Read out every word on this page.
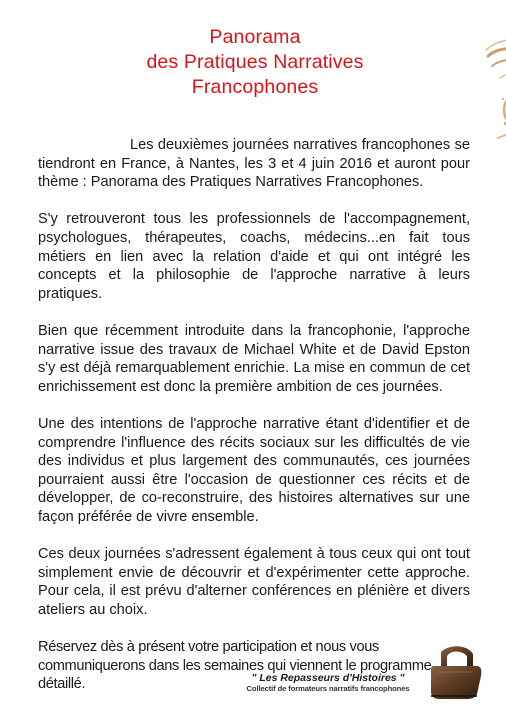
Panorama
des Pratiques Narratives
Francophones

Les deuxièmes journées narratives francophones se tiendront en France, à Nantes, les 3 et 4 juin 2016 et auront pour thème : Panorama des Pratiques Narratives Francophones.

S'y retrouveront tous les professionnels de l'accompagnement, psychologues, thérapeutes, coachs, médecins...en fait tous métiers en lien avec la relation d'aide et qui ont intégré les concepts et la philosophie de l'approche narrative à leurs pratiques.

Bien que récemment introduite dans la francophonie, l'approche narrative issue des travaux de Michael White et de David Epston s'y est déjà remarquablement enrichie. La mise en commun de cet enrichissement est donc la première ambition de ces journées.

Une des intentions de l'approche narrative étant d'identifier et de comprendre l'influence des récits sociaux sur les difficultés de vie des individus et plus largement des communautés, ces journées pourraient aussi être l'occasion de questionner ces récits et de développer, de co-reconstruire, des histoires alternatives sur une façon préférée de vivre ensemble.

Ces deux journées s'adressent également à tous ceux qui ont tout simplement envie de découvrir et d'expérimenter cette approche. Pour cela, il est prévu d'alterner conférences en plénière et divers ateliers au choix.

Réservez dès à présent votre participation et nous vous communiquerons dans les semaines qui viennent le programme détaillé.	" Les Repasseurs d'Histoires "
Collectif de formateurs narratifs francophones
